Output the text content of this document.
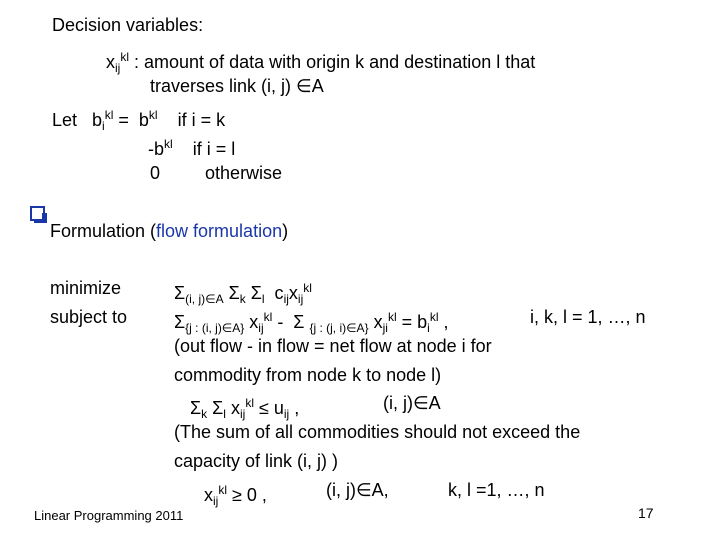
Decision variables:
$x_{ij}^{kl}$ : amount of data with origin k and destination l that
traverses link (i, j) ∈A
Let   $b_i^{kl} = b^{kl}$    if i = k
$-b^{kl}$    if i = l
0	otherwise
Formulation (flow formulation)
minimize
subject to
$\Sigma_{(i, j)\in A}$ $\Sigma_k$ $\Sigma_l$  $c_{ij}x_{ij}^{kl}$
$\Sigma_{\{j : (i, j)\in A\}}$ $x_{ij}^{kl}$ -  Σ $_{\{j : (j, i)\in A\}}$ $x_{ji}^{kl} = b_i^{kl}$ ,	i, k, l = 1, …, n
(out flow - in flow = net flow at node i for
commodity from node k to node l)
$\Sigma_k$ $\Sigma_l$ $x_{ij}^{kl} \le u_{ij}$ ,	(i, j)∈A
(The sum of all commodities should not exceed the
capacity of link (i, j) )
$x_{ij}^{kl} \ge 0$ ,	(i, j)∈A,	k, l =1, …, n
Linear Programming 2011	17
